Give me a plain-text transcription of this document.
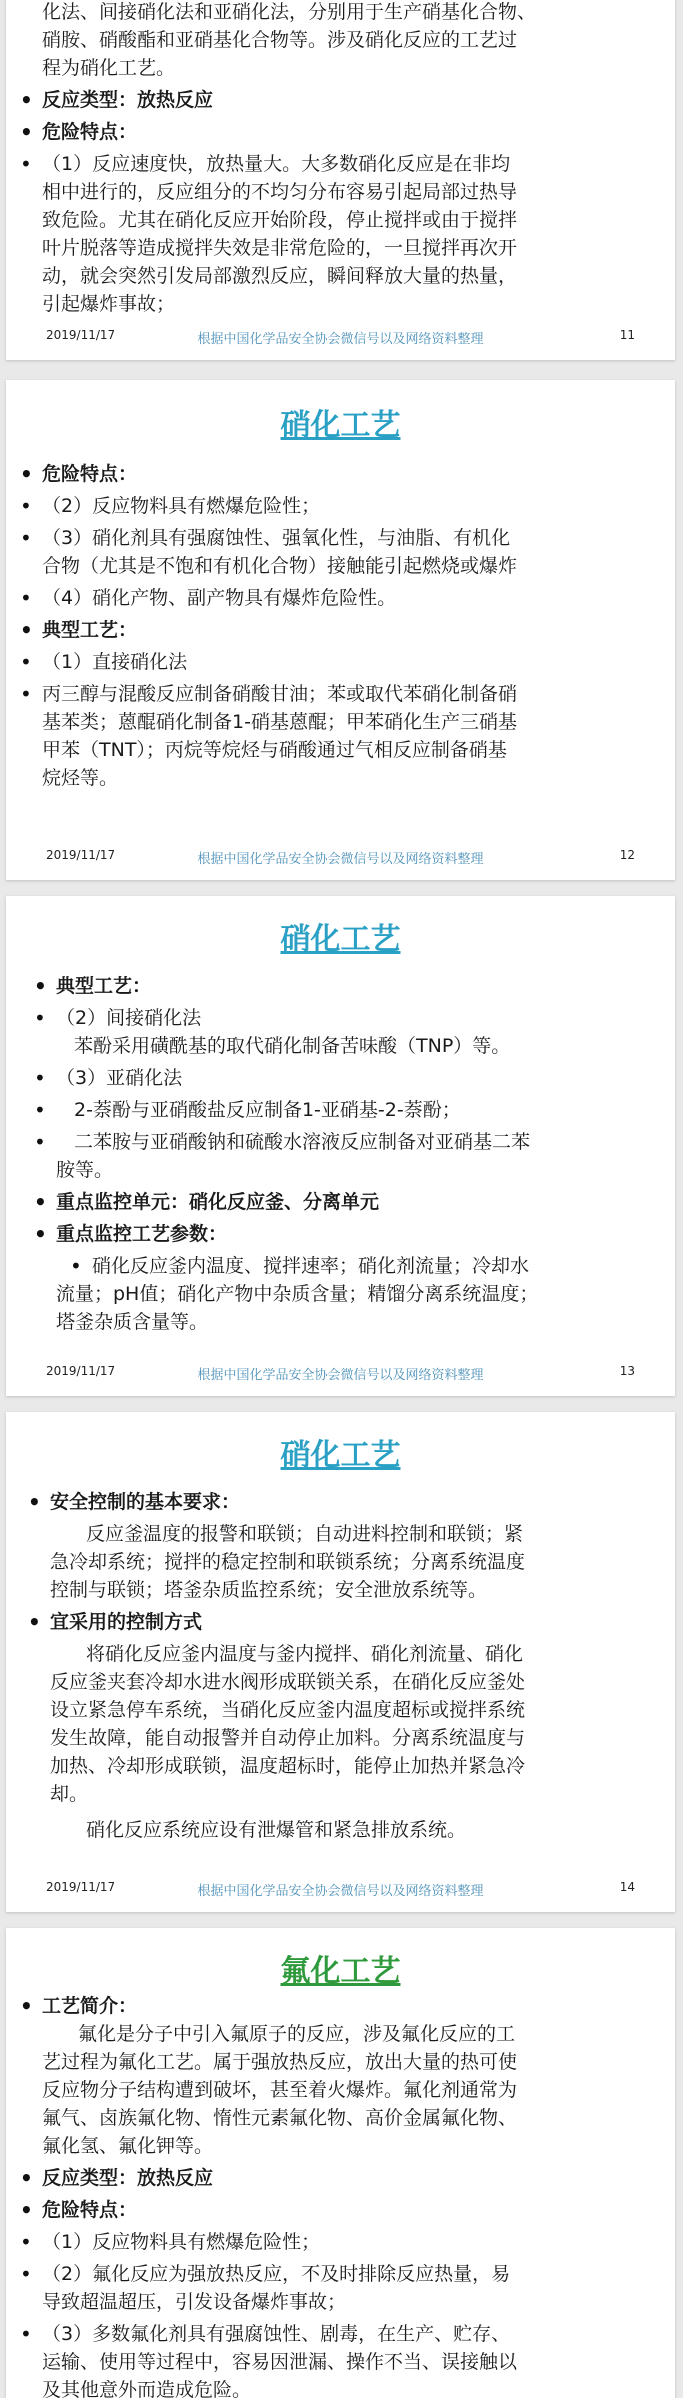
化法、间接硝化法和亚硝化法，分别用于生产硝基化合物、

硝胺、硝酸酯和亚硝基化合物等。涉及硝化反应的工艺过

程为硝化工艺。

• 反应类型：放热反应

• 危险特点：

• （1）反应速度快，放热量大。大多数硝化反应是在非均

相中进行的，反应组分的不均匀分布容易引起局部过热导

致危险。尤其在硝化反应开始阶段，停止搅拌或由于搅拌

叶片脱落等造成搅拌失效是非常危险的，一旦搅拌再次开

动，就会突然引发局部激烈反应，瞬间释放大量的热量，

引起爆炸事故；

2019/11/17	根据中国化学品安全协会微信号以及网络资料整理	11
硝化工艺

• 危险特点：

• （2）反应物料具有燃爆危险性；

• （3）硝化剂具有强腐蚀性、强氧化性，与油脂、有机化

合物（尤其是不饱和有机化合物）接触能引起燃烧或爆炸

• （4）硝化产物、副产物具有爆炸危险性。

• 典型工艺：

• （1）直接硝化法

• 丙三醇与混酸反应制备硝酸甘油；苯或取代苯硝化制备硝

基苯类；蒽醌硝化制备1-硝基蒽醌；甲苯硝化生产三硝基

甲苯（TNT）；丙烷等烷烃与硝酸通过气相反应制备硝基

烷烃等。

2019/11/17	根据中国化学品安全协会微信号以及网络资料整理	12
硝化工艺

• 典型工艺：

• （2）间接硝化法

苯酚采用磺酰基的取代硝化制备苦味酸（TNP）等。

• （3）亚硝化法

• 2-萘酚与亚硝酸盐反应制备1-亚硝基-2-萘酚；

• 二苯胺与亚硝酸钠和硫酸水溶液反应制备对亚硝基二苯

胺等。

• 重点监控单元：硝化反应釜、分离单元

• 重点监控工艺参数：

• 硝化反应釜内温度、搅拌速率；硝化剂流量；冷却水

流量；pH值；硝化产物中杂质含量；精馏分离系统温度；

塔釜杂质含量等。

2019/11/17	根据中国化学品安全协会微信号以及网络资料整理	13
硝化工艺

• 安全控制的基本要求：

反应釜温度的报警和联锁；自动进料控制和联锁；紧

急冷却系统；搅拌的稳定控制和联锁系统；分离系统温度

控制与联锁；塔釜杂质监控系统；安全泄放系统等。

• 宜采用的控制方式

将硝化反应釜内温度与釜内搅拌、硝化剂流量、硝化

反应釜夹套冷却水进水阀形成联锁关系，在硝化反应釜处

设立紧急停车系统，当硝化反应釜内温度超标或搅拌系统

发生故障，能自动报警并自动停止加料。分离系统温度与

加热、冷却形成联锁，温度超标时，能停止加热并紧急冷

却。

硝化反应系统应设有泄爆管和紧急排放系统。

2019/11/17	根据中国化学品安全协会微信号以及网络资料整理	14
氟化工艺

• 工艺简介：

氟化是分子中引入氟原子的反应，涉及氟化反应的工

艺过程为氟化工艺。属于强放热反应，放出大量的热可使

反应物分子结构遭到破坏，甚至着火爆炸。氟化剂通常为

氟气、卤族氟化物、惰性元素氟化物、高价金属氟化物、

氟化氢、氟化钾等。

• 反应类型：放热反应

• 危险特点：

• （1）反应物料具有燃爆危险性；

• （2）氟化反应为强放热反应，不及时排除反应热量，易

导致超温超压，引发设备爆炸事故；

• （3）多数氟化剂具有强腐蚀性、剧毒，在生产、贮存、

运输、使用等过程中，容易因泄漏、操作不当、误接触以

及其他意外而造成危险。
